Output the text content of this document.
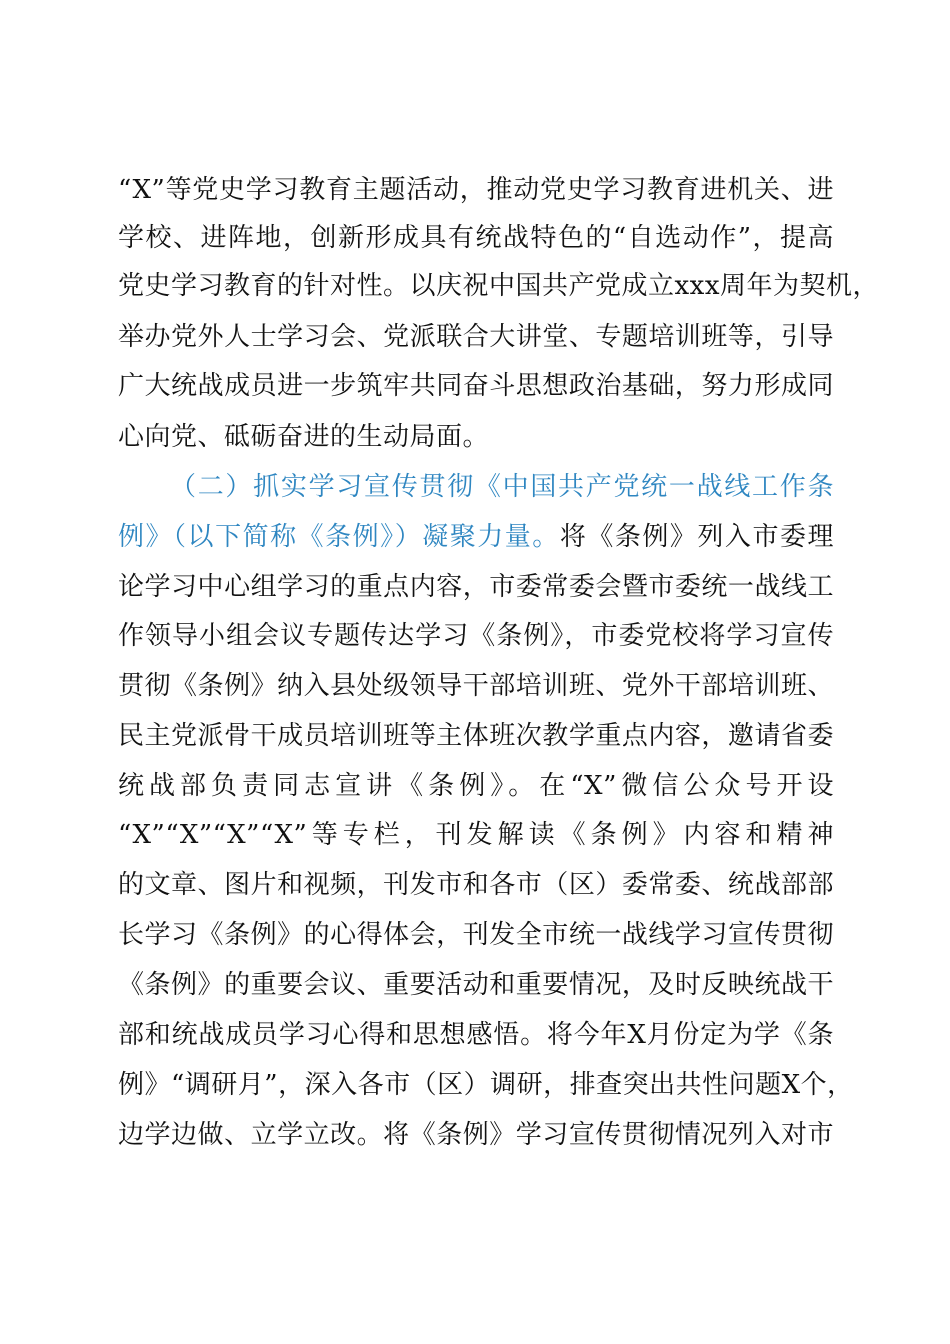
“X”等党史学习教育主题活动，推动党史学习教育进机关、进
学校、进阵地，创新形成具有统战特色的“自选动作”，提高
党史学习教育的针对性。以庆祝中国共产党成立xxx周年为契机，
举办党外人士学习会、党派联合大讲堂、专题培训班等，引导
广大统战成员进一步筑牢共同奋斗思想政治基础，努力形成同
心向党、砥砺奋进的生动局面。
（二）抓实学习宣传贯彻《中国共产党统一战线工作条
例》（以下简称《条例》）凝聚力量。将《条例》列入市委理
论学习中心组学习的重点内容，市委常委会暨市委统一战线工
作领导小组会议专题传达学习《条例》，市委党校将学习宣传
贯彻《条例》纳入县处级领导干部培训班、党外干部培训班、
民主党派骨干成员培训班等主体班次教学重点内容，邀请省委
统战部负责同志宣讲《条例》。在“X”微信公众号开设
“X”“X”“X”“X”等专栏，刊发解读《条例》内容和精神
的文章、图片和视频，刊发市和各市（区）委常委、统战部部
长学习《条例》的心得体会，刊发全市统一战线学习宣传贯彻
《条例》的重要会议、重要活动和重要情况，及时反映统战干
部和统战成员学习心得和思想感悟。将今年X月份定为学《条
例》“调研月”，深入各市（区）调研，排查突出共性问题X个，
边学边做、立学立改。将《条例》学习宣传贯彻情况列入对市
